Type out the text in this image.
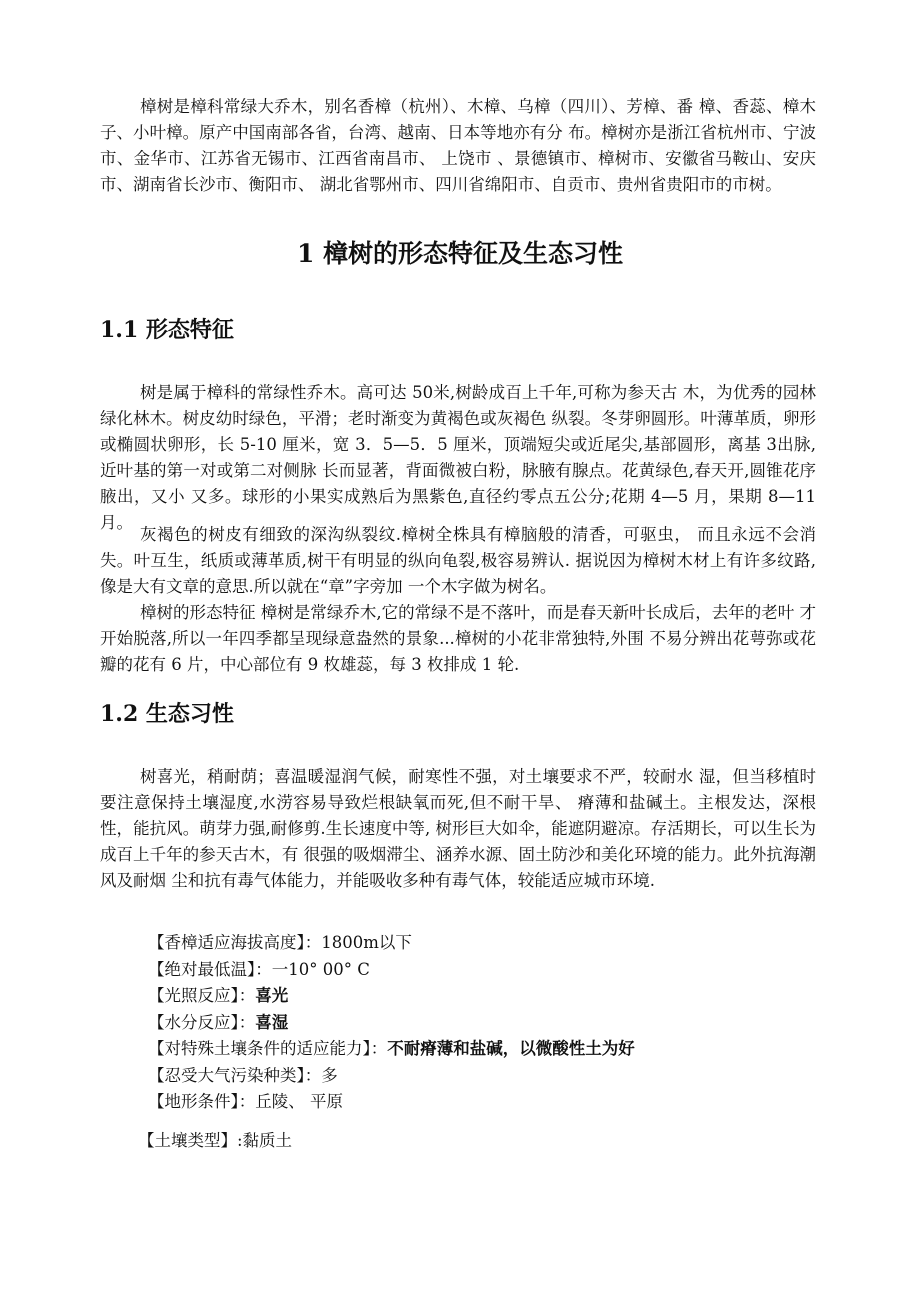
樟树是樟科常绿大乔木，别名香樟（杭州）、木樟、乌樟（四川）、芳樟、番 樟、香蕊、樟木子、小叶樟。原产中国南部各省，台湾、越南、日本等地亦有分 布。樟树亦是浙江省杭州市、宁波市、金华市、江苏省无锡市、江西省南昌市、 上饶市 、景德镇市、樟树市、安徽省马鞍山、安庆市、湖南省长沙市、衡阳市、 湖北省鄂州市、四川省绵阳市、自贡市、贵州省贵阳市的市树。

1 樟树的形态特征及生态习性
1.1 形态特征

树是属于樟科的常绿性乔木。高可达 50米,树龄成百上千年,可称为参天古 木，为优秀的园林绿化林木。树皮幼时绿色，平滑；老时渐变为黄褐色或灰褐色 纵裂。冬芽卵圆形。叶薄革质，卵形或椭圆状卵形，长 5-10 厘米，宽 3．5—5．5 厘米，顶端短尖或近尾尖,基部圆形，离基 3出脉,近叶基的第一对或第二对侧脉 长而显著，背面微被白粉，脉腋有腺点。花黄绿色,春天开,圆锥花序腋出，又小 又多。球形的小果实成熟后为黑紫色,直径约零点五公分;花期 4—5 月，果期 8—11 月。

灰褐色的树皮有细致的深沟纵裂纹.樟树全株具有樟脑般的清香，可驱虫， 而且永远不会消失。叶互生，纸质或薄革质,树干有明显的纵向龟裂,极容易辨认. 据说因为樟树木材上有许多纹路,像是大有文章的意思.所以就在“章”字旁加 一个木字做为树名。

樟树的形态特征 樟树是常绿乔木,它的常绿不是不落叶，而是春天新叶长成后，去年的老叶 才开始脱落,所以一年四季都呈现绿意盎然的景象...樟树的小花非常独特,外围 不易分辨出花萼弥或花瓣的花有 6 片，中心部位有 9 枚雄蕊，每 3 枚排成 1 轮.

1.2 生态习性

树喜光，稍耐荫；喜温暖湿润气候，耐寒性不强，对土壤要求不严，较耐水 湿，但当移植时要注意保持土壤湿度,水涝容易导致烂根缺氧而死,但不耐干旱、 瘠薄和盐碱土。主根发达，深根性，能抗风。萌芽力强,耐修剪.生长速度中等, 树形巨大如伞，能遮阴避凉。存活期长，可以生长为成百上千年的参天古木，有 很强的吸烟滞尘、涵养水源、固土防沙和美化环境的能力。此外抗海潮风及耐烟 尘和抗有毒气体能力，并能吸收多种有毒气体，较能适应城市环境.

【香樟适应海拔高度】：1800m以下
【绝对最低温】：一10° 00° C
【光照反应】：喜光
【水分反应】：喜湿
【对特殊土壤条件的适应能力】：不耐瘠薄和盐碱，以微酸性土为好
【忍受大气污染种类】：多
【地形条件】：丘陵、 平原
【土壤类型】:黏质土
